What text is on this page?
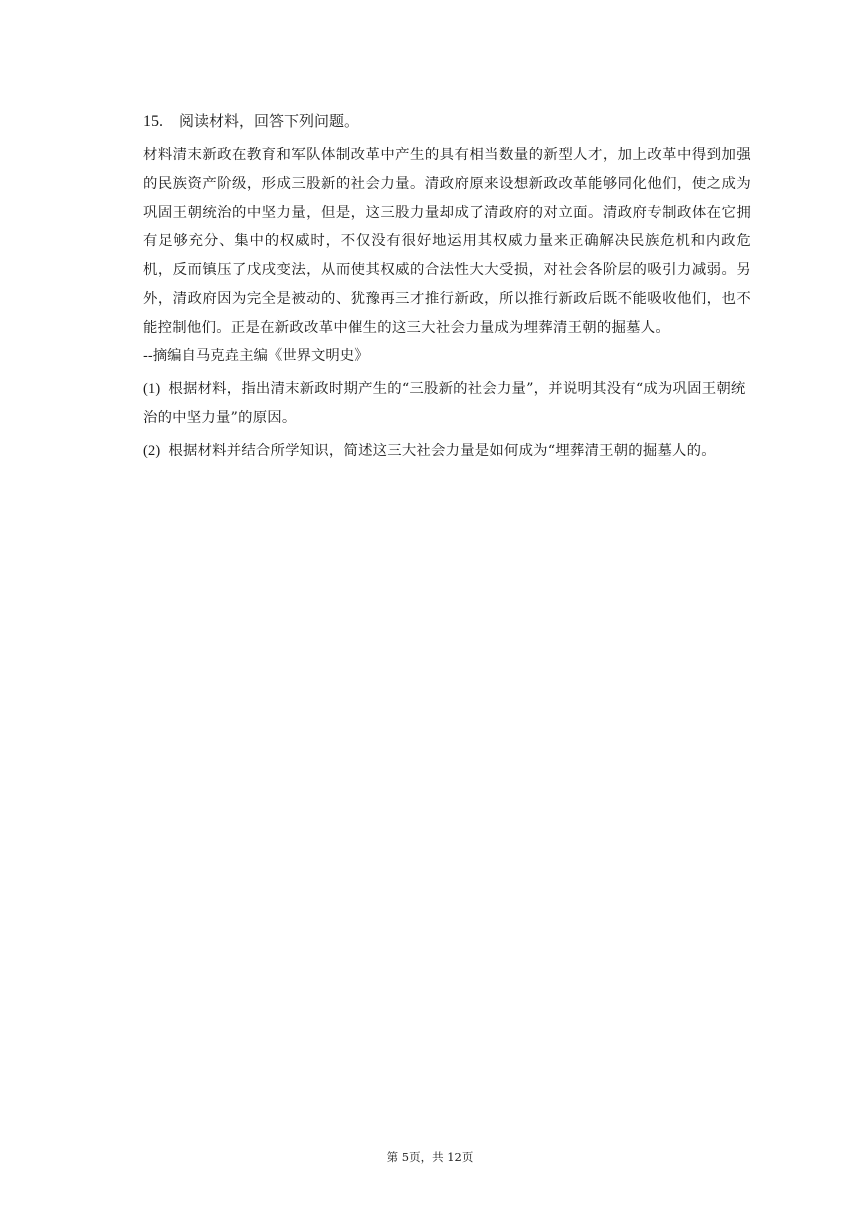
15. 阅读材料，回答下列问题。

材料清末新政在教育和军队体制改革中产生的具有相当数量的新型人才，加上改革中得到加强的民族资产阶级，形成三股新的社会力量。清政府原来设想新政改革能够同化他们，使之成为巩固王朝统治的中坚力量，但是，这三股力量却成了清政府的对立面。清政府专制政体在它拥有足够充分、集中的权威时，不仅没有很好地运用其权威力量来正确解决民族危机和内政危机，反而镇压了戊戌变法，从而使其权威的合法性大大受损，对社会各阶层的吸引力减弱。另外，清政府因为完全是被动的、犹豫再三才推行新政，所以推行新政后既不能吸收他们，也不能控制他们。正是在新政改革中催生的这三大社会力量成为埋葬清王朝的掘墓人。

--摘编自马克垚主编《世界文明史》

(1) 根据材料，指出清末新政时期产生的“三股新的社会力量”，并说明其没有“成为巩固王朝统治的中坚力量”的原因。

(2) 根据材料并结合所学知识，简述这三大社会力量是如何成为“埋葬清王朝的掘墓人的。

第 5页，共 12页
